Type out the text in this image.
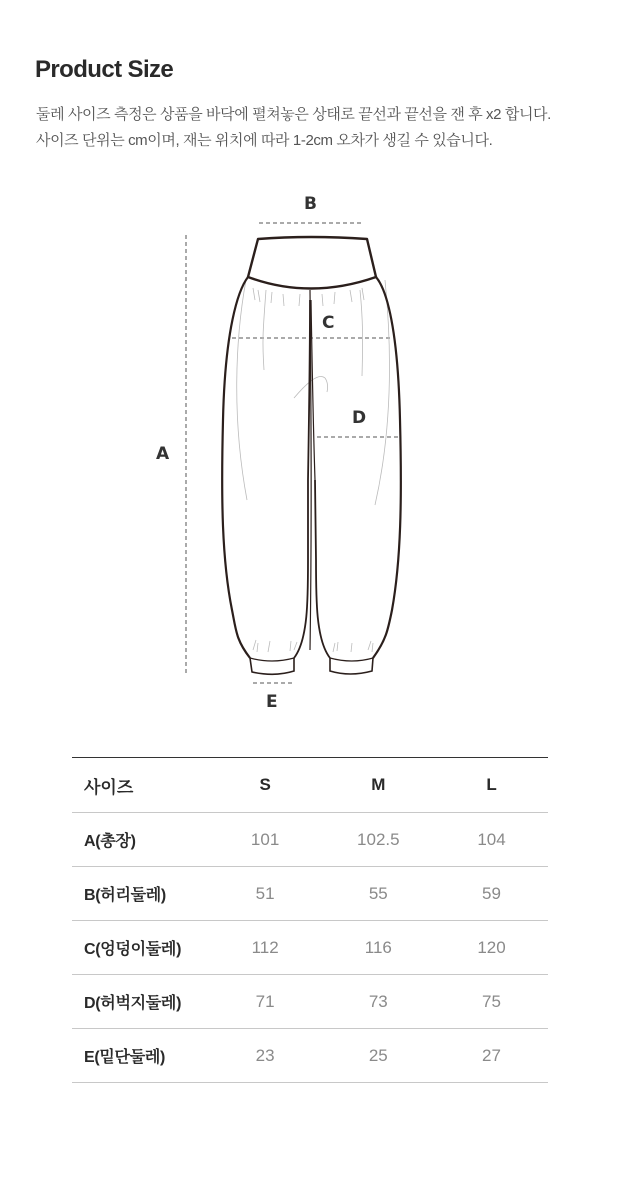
Product Size
둘레 사이즈 측정은 상품을 바닥에 펼쳐놓은 상태로 끝선과 끝선을 잰 후 x2 합니다.
사이즈 단위는 cm이며, 재는 위치에 따라 1-2cm 오차가 생길 수 있습니다.
B
C
D
A
E
사이즈	S	M	L
A(총장)	101	102.5	104
B(허리둘레)	51	55	59
C(엉덩이둘레)	112	116	120
D(허벅지둘레)	71	73	75
E(밑단둘레)	23	25	27
